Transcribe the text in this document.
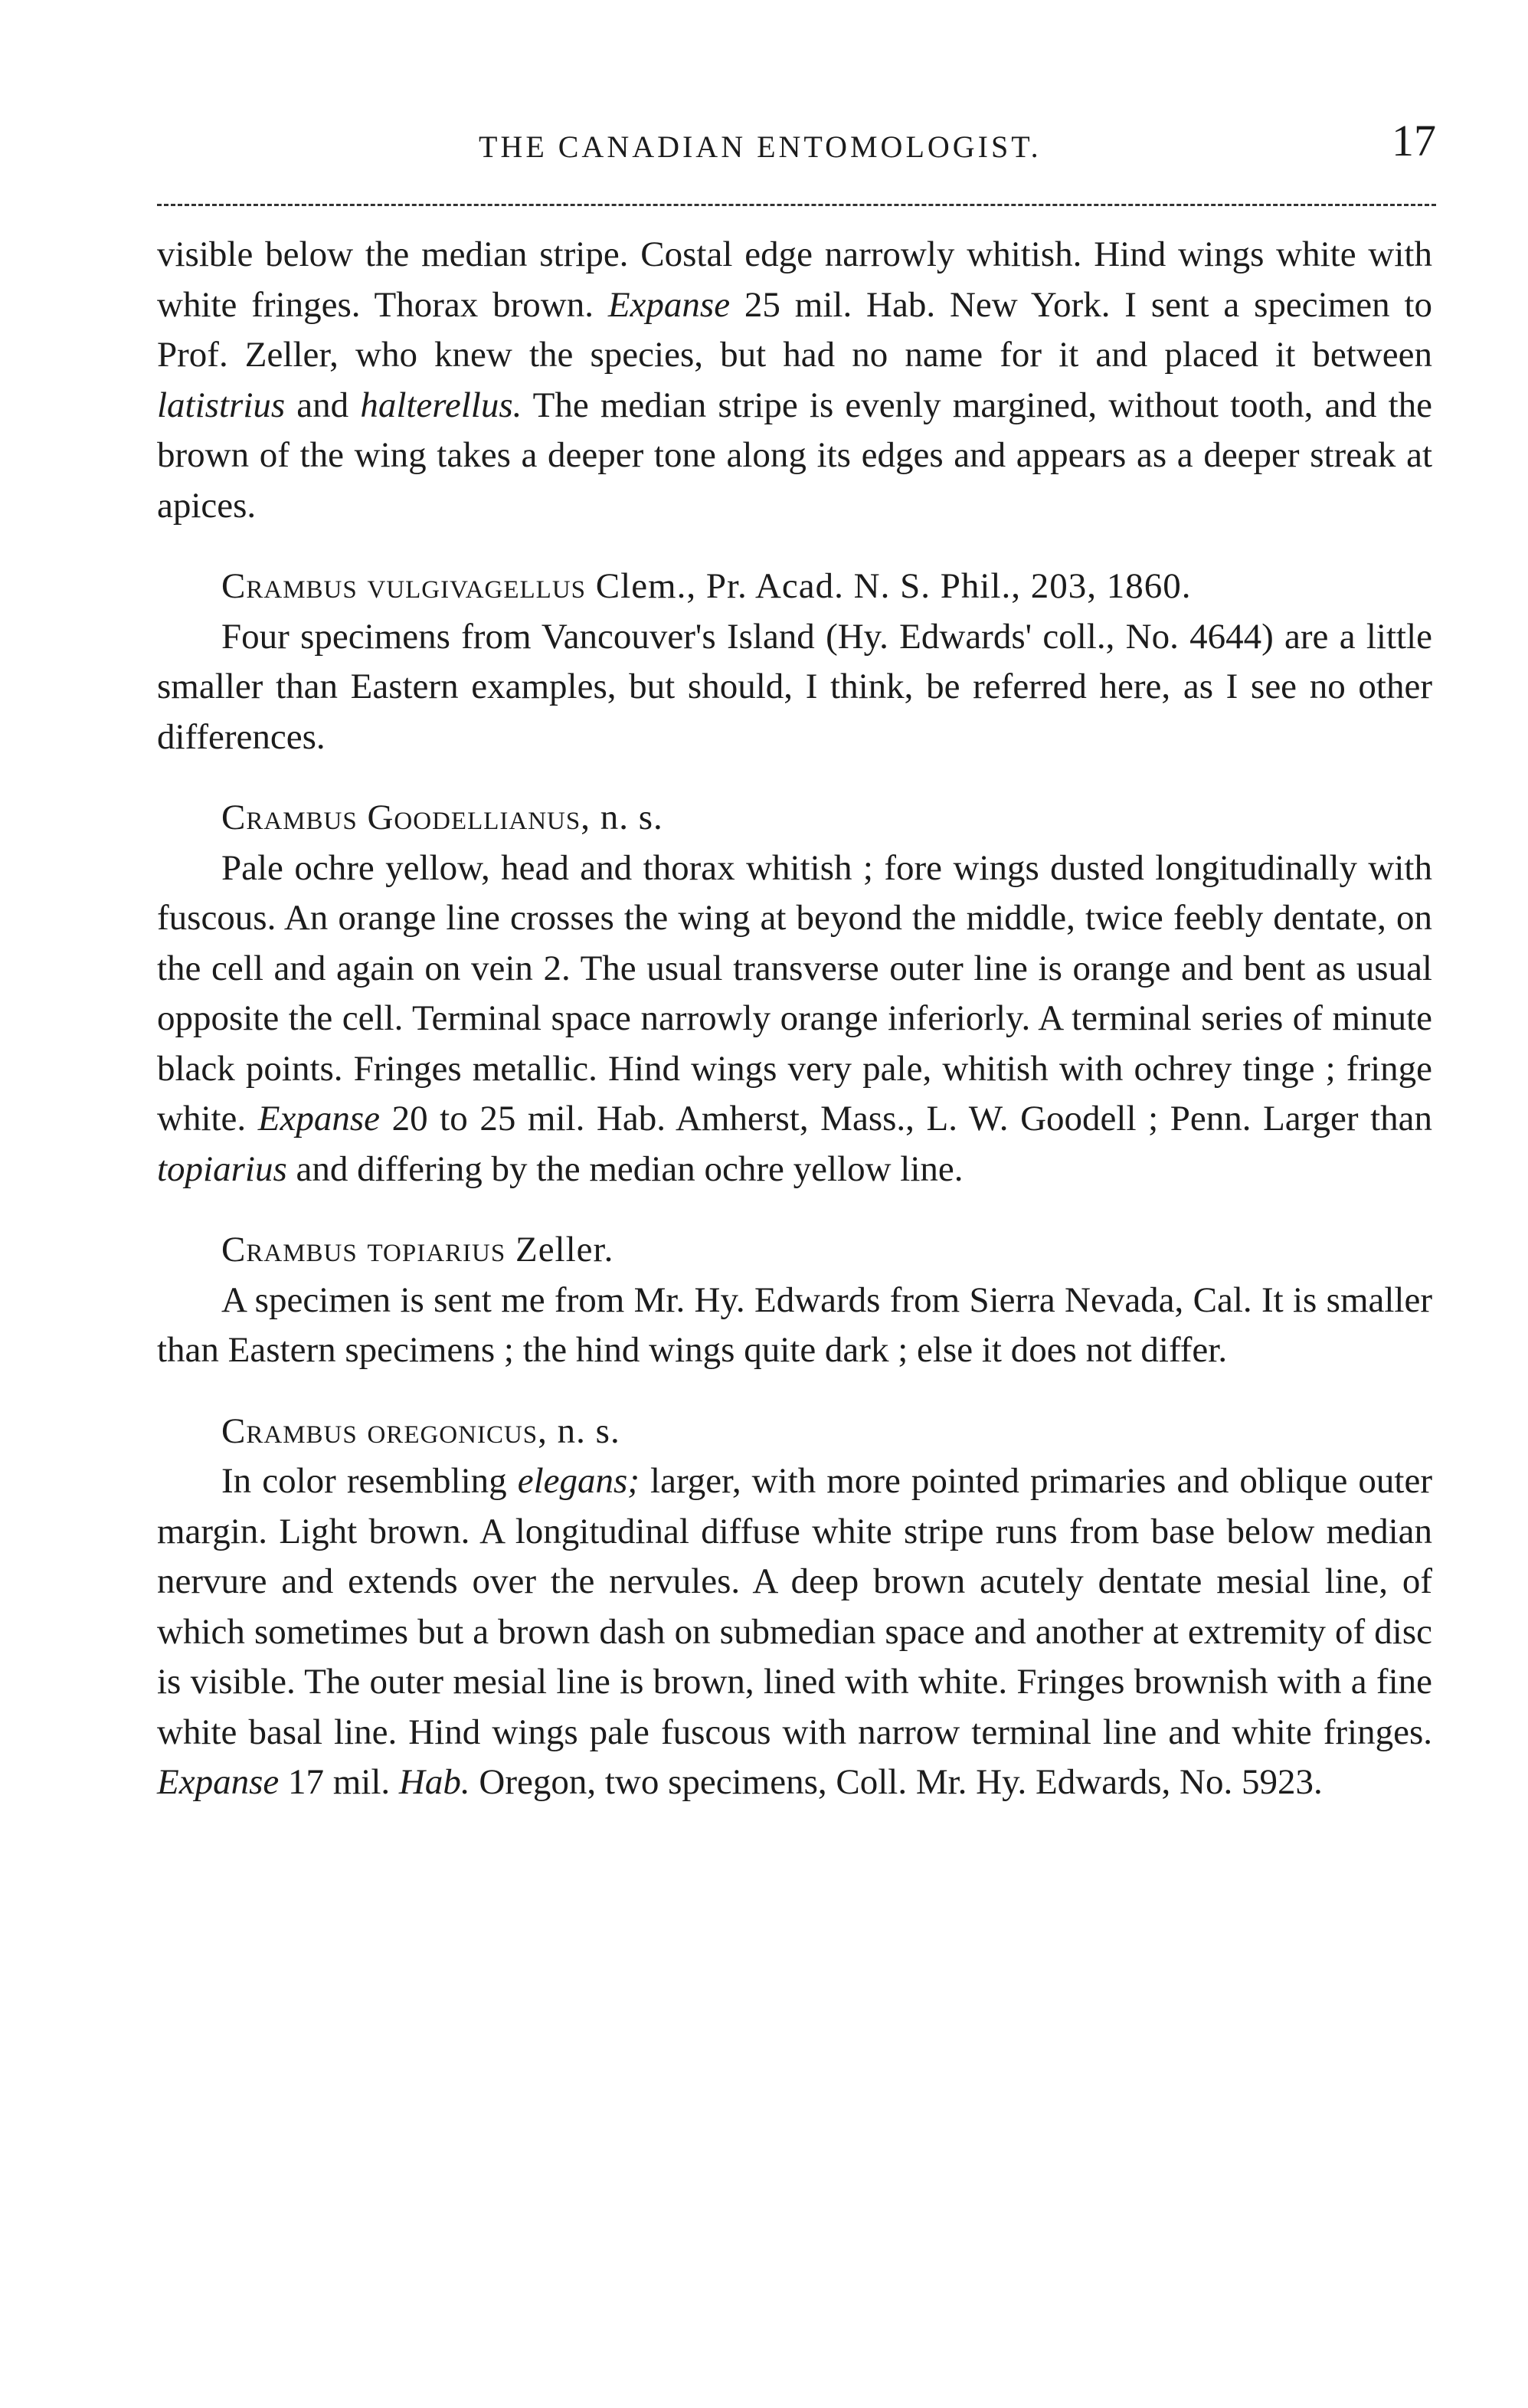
THE CANADIAN ENTOMOLOGIST.	17

visible below the median stripe. Costal edge narrowly whitish. Hind wings white with white fringes. Thorax brown. Expanse 25 mil. Hab. New York. I sent a specimen to Prof. Zeller, who knew the species, but had no name for it and placed it between latistrius and halterellus. The median stripe is evenly margined, without tooth, and the brown of the wing takes a deeper tone along its edges and appears as a deeper streak at apices.

Crambus vulgivagellus Clem., Pr. Acad. N. S. Phil., 203, 1860.

Four specimens from Vancouver's Island (Hy. Edwards' coll., No. 4644) are a little smaller than Eastern examples, but should, I think, be referred here, as I see no other differences.

Crambus Goodellianus, n. s.

Pale ochre yellow, head and thorax whitish ; fore wings dusted longitudinally with fuscous. An orange line crosses the wing at beyond the middle, twice feebly dentate, on the cell and again on vein 2. The usual transverse outer line is orange and bent as usual opposite the cell. Terminal space narrowly orange inferiorly. A terminal series of minute black points. Fringes metallic. Hind wings very pale, whitish with ochrey tinge ; fringe white. Expanse 20 to 25 mil. Hab. Amherst, Mass., L. W. Goodell ; Penn. Larger than topiarius and differing by the median ochre yellow line.

Crambus topiarius Zeller.

A specimen is sent me from Mr. Hy. Edwards from Sierra Nevada, Cal. It is smaller than Eastern specimens ; the hind wings quite dark ; else it does not differ.

Crambus oregonicus, n. s.

In color resembling elegans; larger, with more pointed primaries and oblique outer margin. Light brown. A longitudinal diffuse white stripe runs from base below median nervure and extends over the nervules. A deep brown acutely dentate mesial line, of which sometimes but a brown dash on submedian space and another at extremity of disc is visible. The outer mesial line is brown, lined with white. Fringes brownish with a fine white basal line. Hind wings pale fuscous with narrow terminal line and white fringes. Expanse 17 mil. Hab. Oregon, two specimens, Coll. Mr. Hy. Edwards, No. 5923.
